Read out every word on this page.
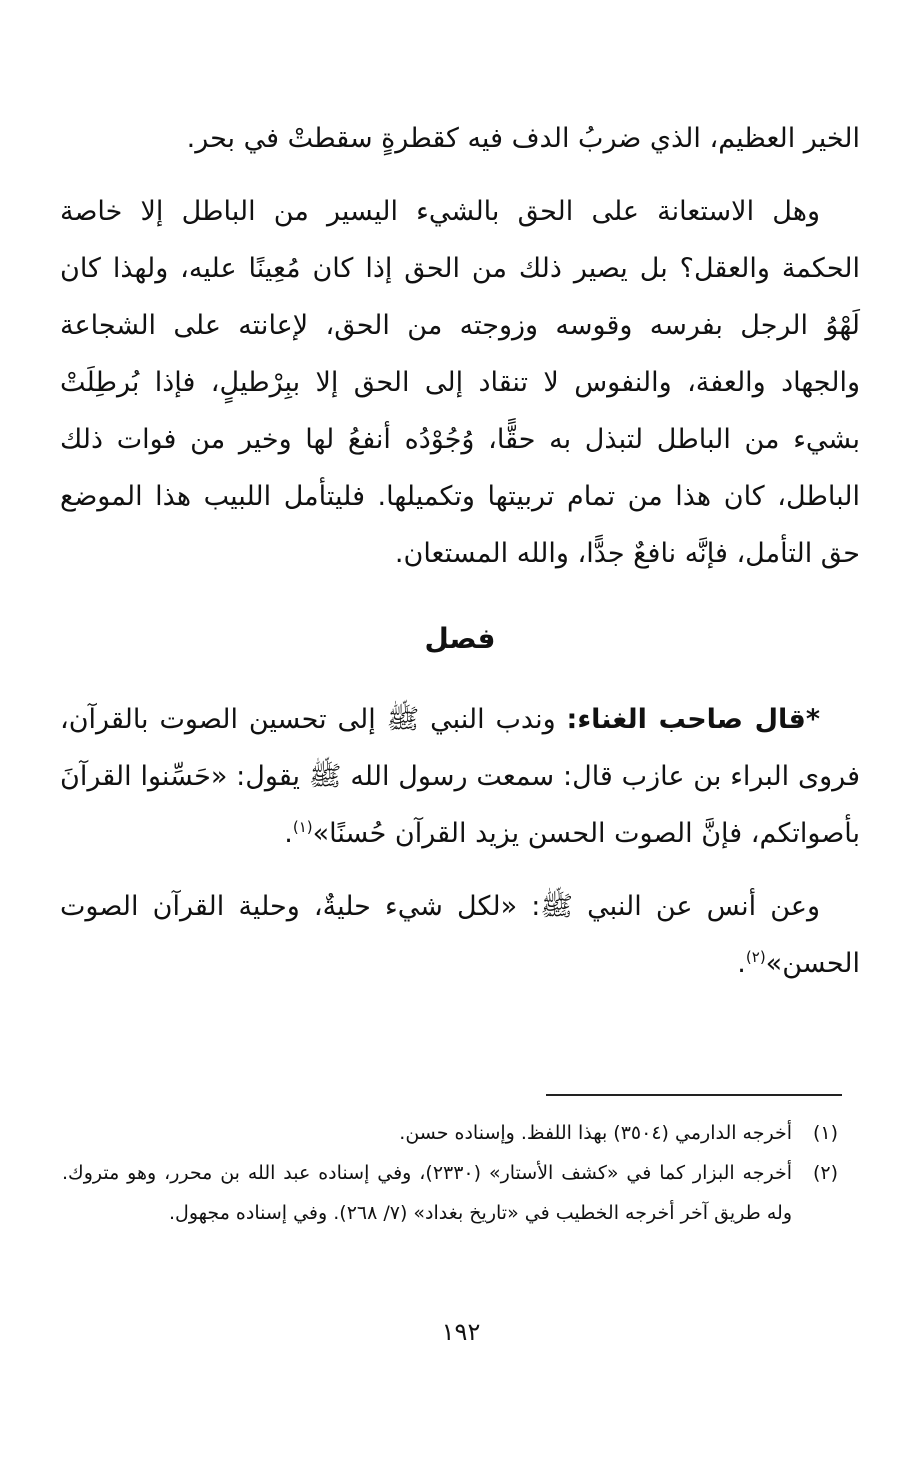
الخير العظيم، الذي ضربُ الدف فيه كقطرةٍ سقطتْ في بحر.

وهل الاستعانة على الحق بالشيء اليسير من الباطل إلا خاصة الحكمة والعقل؟ بل يصير ذلك من الحق إذا كان مُعِينًا عليه، ولهذا كان لَهْوُ الرجل بفرسه وقوسه وزوجته من الحق، لإعانته على الشجاعة والجهاد والعفة، والنفوس لا تنقاد إلى الحق إلا ببِرْطيلٍ، فإذا بُرطِلَتْ بشيء من الباطل لتبذل به حقًّا، وُجُوْدُه أنفعُ لها وخير من فوات ذلك الباطل، كان هذا من تمام تربيتها وتكميلها. فليتأمل اللبيب هذا الموضع حق التأمل، فإنَّه نافعٌ جدًّا، والله المستعان.

فصل

*قال صاحب الغناء: وندب النبي ﷺ إلى تحسين الصوت بالقرآن، فروى البراء بن عازب قال: سمعت رسول الله ﷺ يقول: «حَسِّنوا القرآنَ بأصواتكم، فإنَّ الصوت الحسن يزيد القرآن حُسنًا»$^{(١)}$.

وعن أنس عن النبي ﷺ: «لكل شيء حليةٌ، وحلية القرآن الصوت الحسن»$^{(٢)}$.

(١)
أخرجه الدارمي (٣٥٠٤) بهذا اللفظ. وإسناده حسن.
(٢)
أخرجه البزار كما في «كشف الأستار» (٢٣٣٠)، وفي إسناده عبد الله بن محرر، وهو متروك. وله طريق آخر أخرجه الخطيب في «تاريخ بغداد» (٧/ ٢٦٨). وفي إسناده مجهول.
١٩٢
